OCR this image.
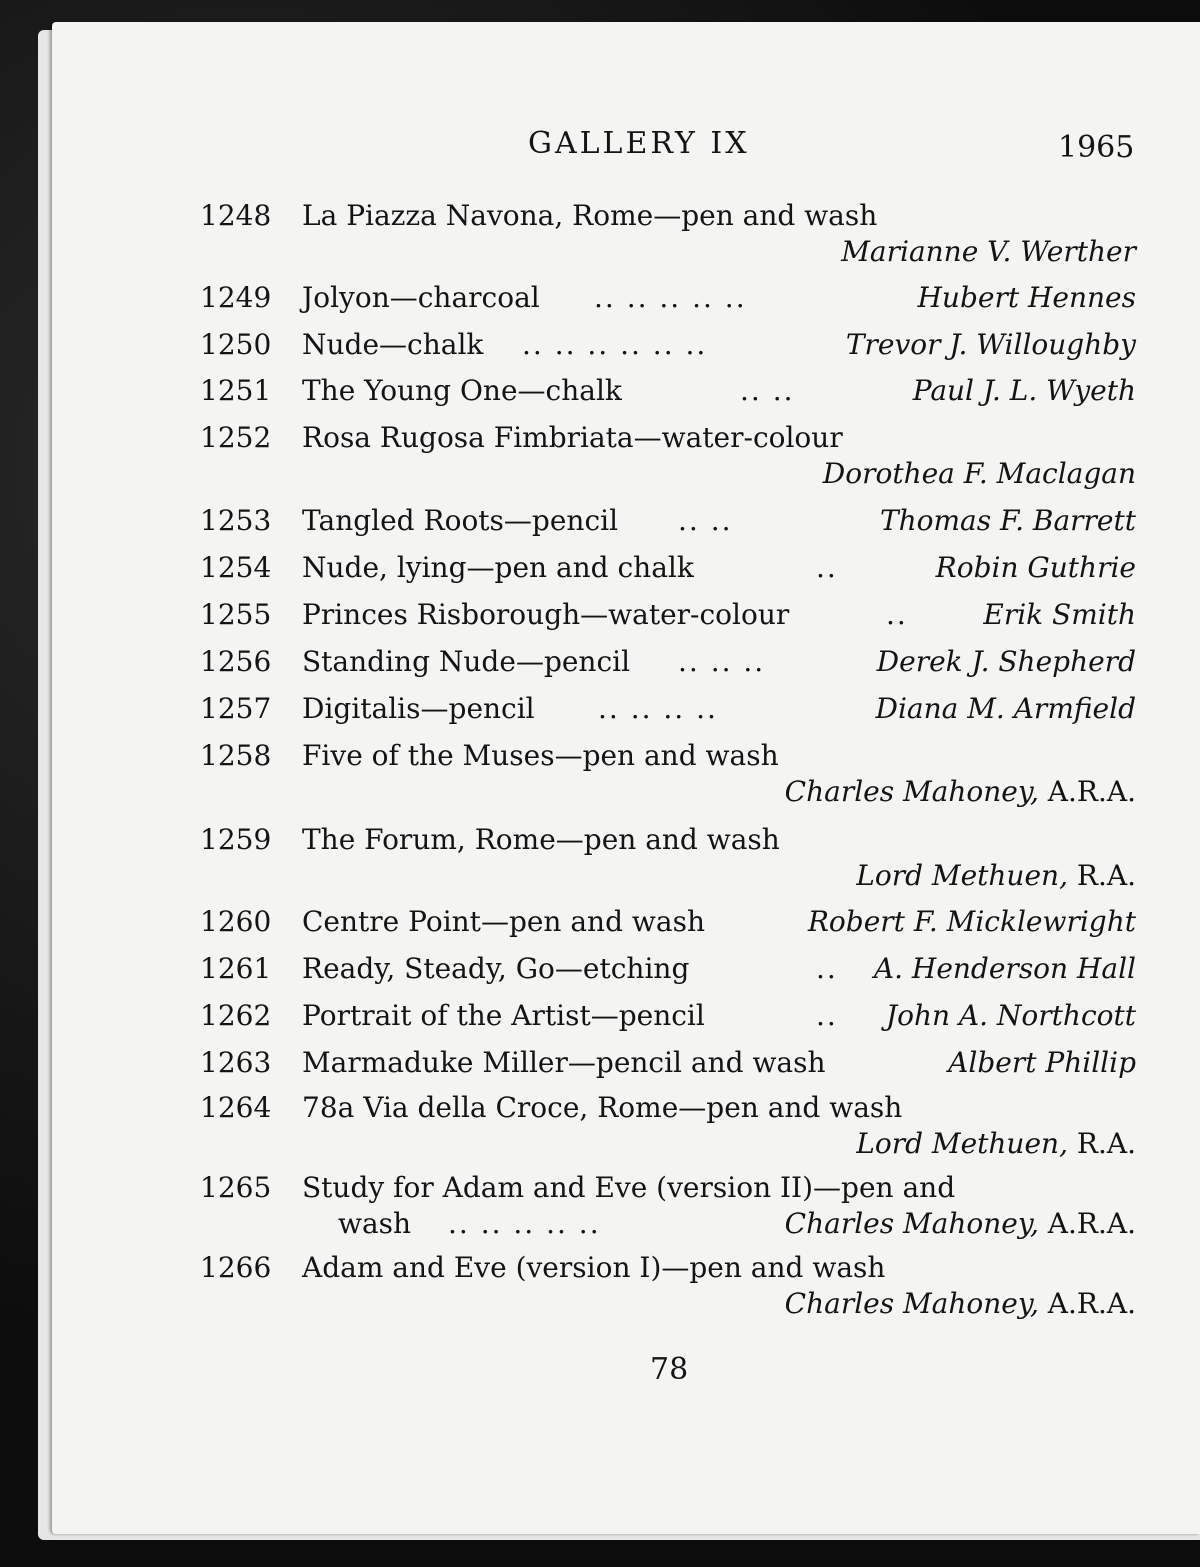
GALLERY IX	1965
1248 La Piazza Navona, Rome—pen and wash
Marianne V. Werther
1249 Jolyon—charcoal .. .. .. .. ..	Hubert Hennes
1250 Nude—chalk .. .. .. .. .. ..	Trevor J. Willoughby
1251 The Young One—chalk	.. ..	Paul J. L. Wyeth
1252 Rosa Rugosa Fimbriata—water-colour
Dorothea F. Maclagan
1253 Tangled Roots—pencil .. ..	Thomas F. Barrett
1254 Nude, lying—pen and chalk	..	Robin Guthrie
1255 Princes Risborough—water-colour	..	Erik Smith
1256 Standing Nude—pencil .. .. ..	Derek J. Shepherd
1257 Digitalis—pencil .. .. .. ..	Diana M. Armfield
1258 Five of the Muses—pen and wash
Charles Mahoney, A.R.A.
1259 The Forum, Rome—pen and wash
Lord Methuen, R.A.
1260 Centre Point—pen and wash	Robert F. Micklewright
1261 Ready, Steady, Go—etching	.. A. Henderson Hall
1262 Portrait of the Artist—pencil	.. John A. Northcott
1263 Marmaduke Miller—pencil and wash	Albert Phillip
1264 78a Via della Croce, Rome—pen and wash
Lord Methuen, R.A.
1265 Study for Adam and Eve (version II)—pen and
wash .. .. .. .. ..	Charles Mahoney, A.R.A.
1266 Adam and Eve (version I)—pen and wash
Charles Mahoney, A.R.A.
78
